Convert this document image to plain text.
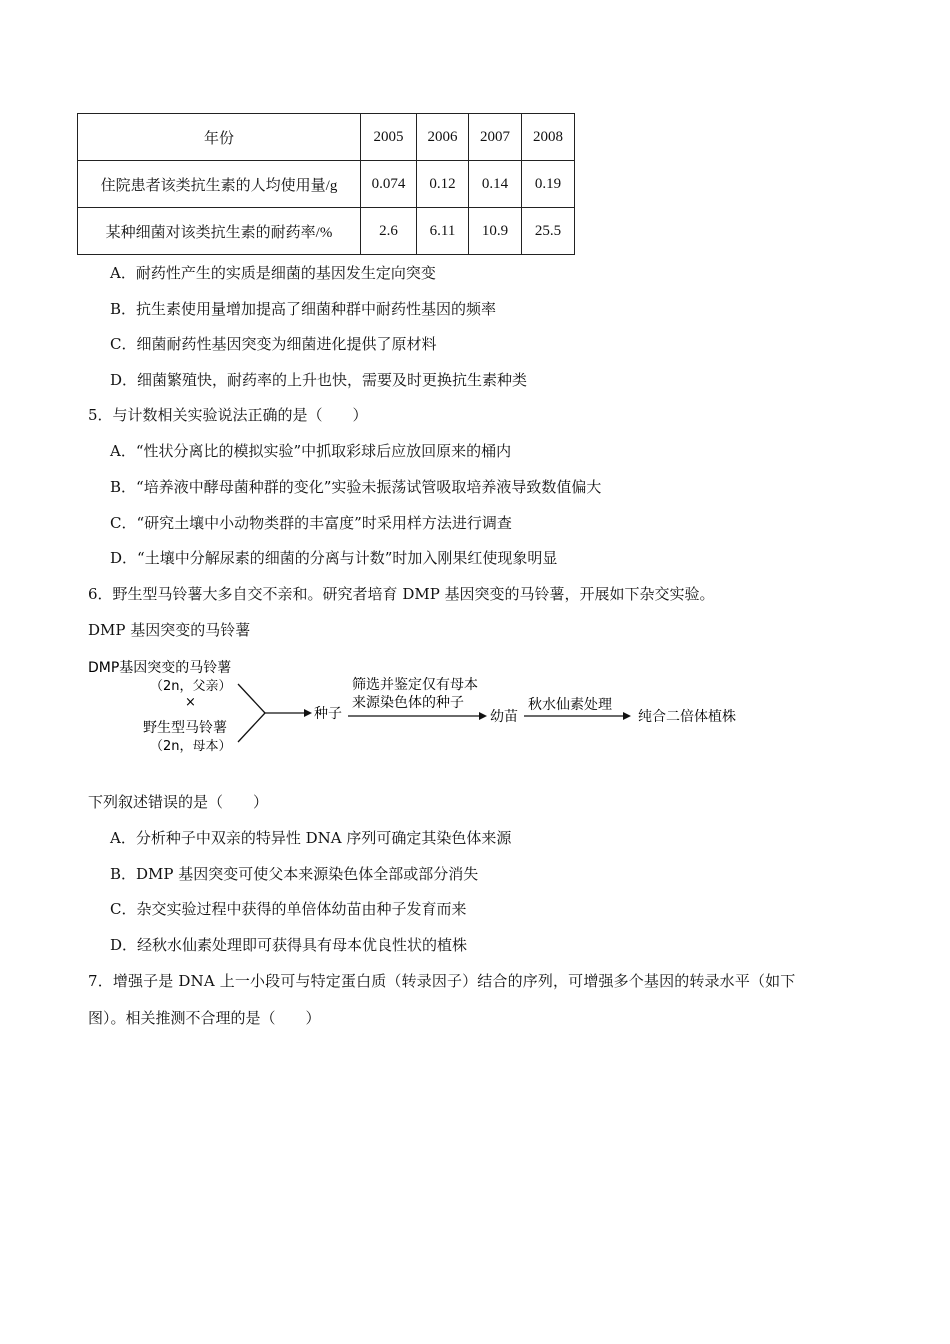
年份	2005	2006	2007	2008
住院患者该类抗生素的人均使用量/g	0.074	0.12	0.14	0.19
某种细菌对该类抗生素的耐药率/%	2.6	6.11	10.9	25.5
A．耐药性产生的实质是细菌的基因发生定向突变
B．抗生素使用量增加提高了细菌种群中耐药性基因的频率
C．细菌耐药性基因突变为细菌进化提供了原材料
D．细菌繁殖快，耐药率的上升也快，需要及时更换抗生素种类
5．与计数相关实验说法正确的是（　　）
A．“性状分离比的模拟实验”中抓取彩球后应放回原来的桶内
B．“培养液中酵母菌种群的变化”实验未振荡试管吸取培养液导致数值偏大
C．“研究土壤中小动物类群的丰富度”时采用样方法进行调查
D．“土壤中分解尿素的细菌的分离与计数”时加入刚果红使现象明显
6．野生型马铃薯大多自交不亲和。研究者培育 DMP 基因突变的马铃薯，开展如下杂交实验。
DMP 基因突变的马铃薯
DMP基因突变的马铃薯
（2n，父亲）
×
野生型马铃薯
（2n，母本）
种子
筛选并鉴定仅有母本
来源染色体的种子
幼苗
秋水仙素处理
纯合二倍体植株
下列叙述错误的是（　　）
A．分析种子中双亲的特异性 DNA 序列可确定其染色体来源
B．DMP 基因突变可使父本来源染色体全部或部分消失
C．杂交实验过程中获得的单倍体幼苗由种子发育而来
D．经秋水仙素处理即可获得具有母本优良性状的植株
7．增强子是 DNA 上一小段可与特定蛋白质（转录因子）结合的序列，可增强多个基因的转录水平（如下
图）。相关推测不合理的是（　　）
